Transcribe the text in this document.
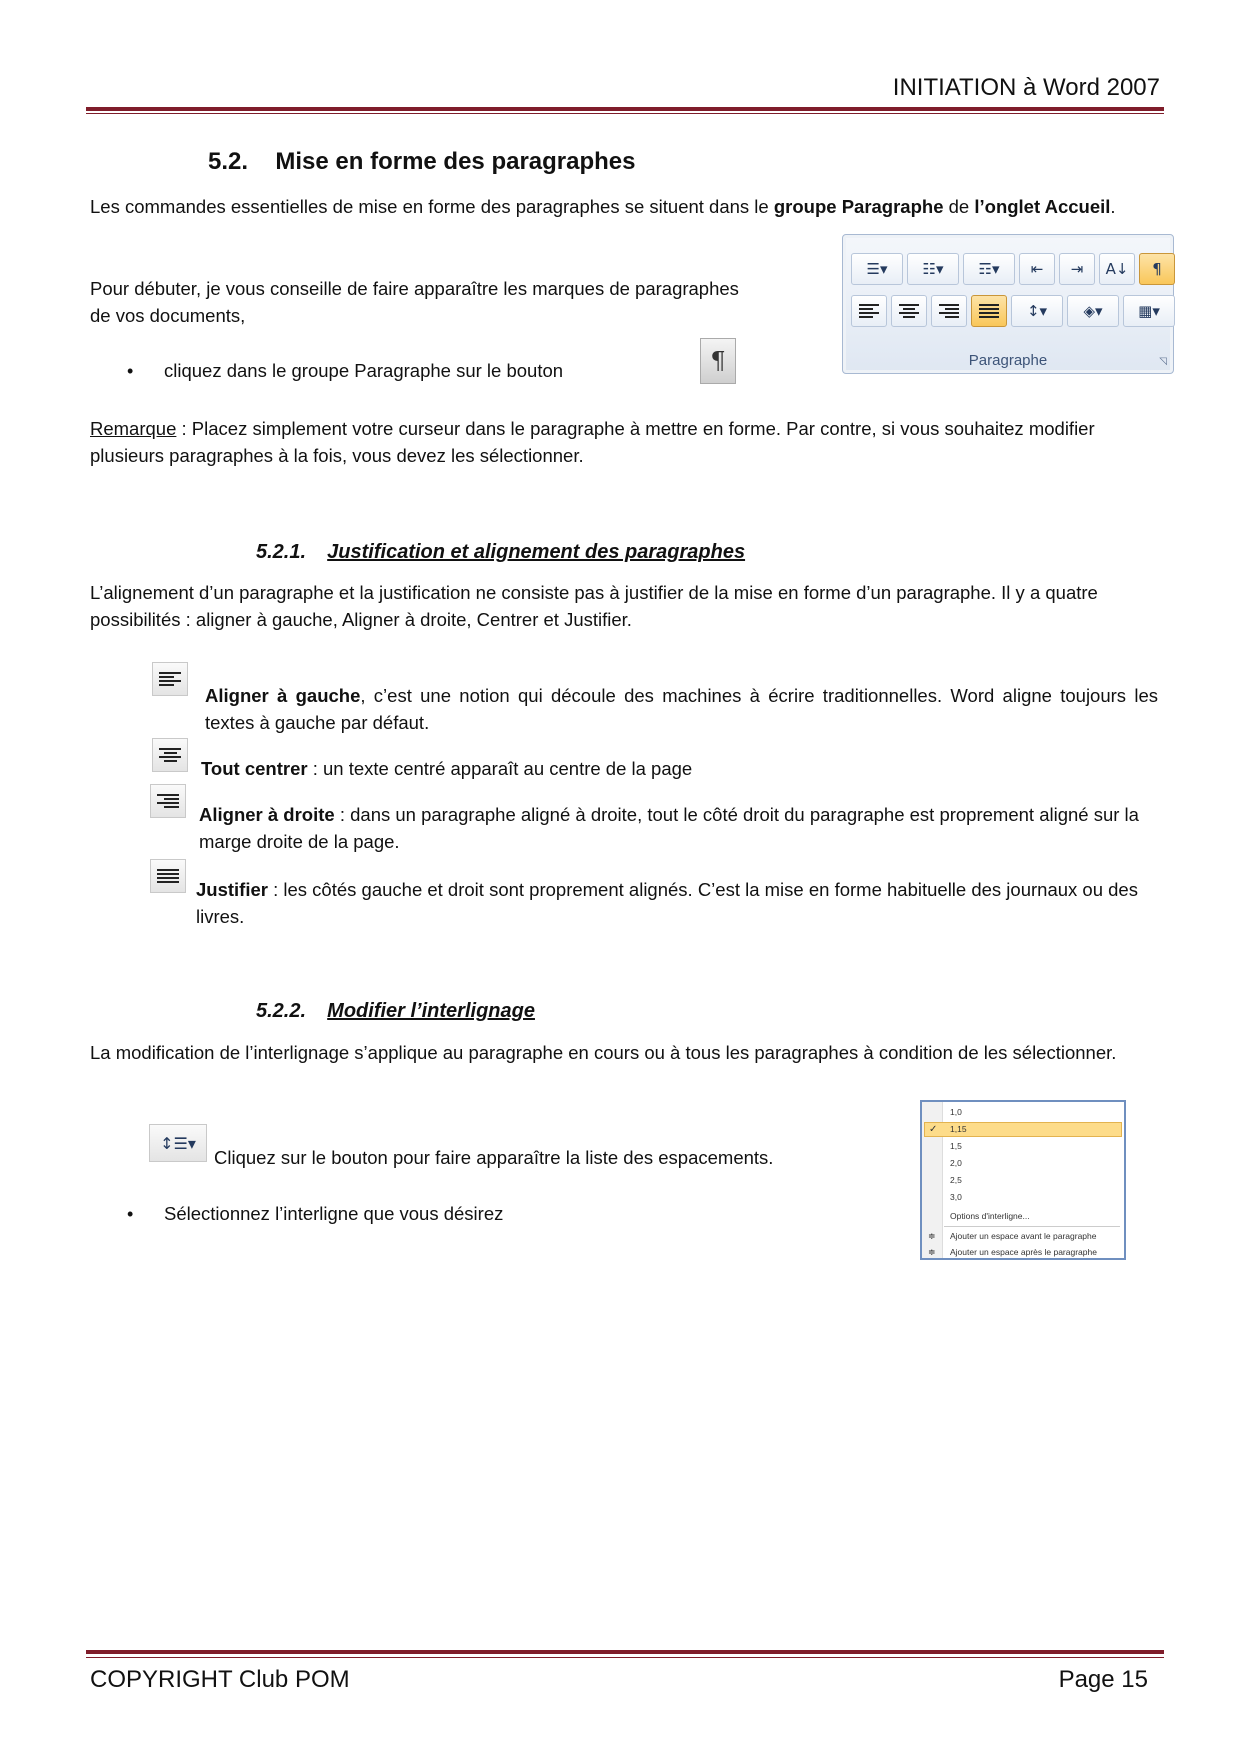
INITIATION à Word 2007
5.2. Mise en forme des paragraphes
Les commandes essentielles de mise en forme des paragraphes se situent dans le groupe Paragraphe de l’onglet Accueil.
Pour débuter, je vous conseille de faire apparaître les marques de paragraphes de vos documents,
• cliquez dans le groupe Paragraphe sur le bouton	¶
☰▾	☷▾	☶▾	⇤	⇥	A↓	¶
↕▾	◈▾	▦▾
Paragraphe	◹
Remarque : Placez simplement votre curseur dans le paragraphe à mettre en forme. Par contre, si vous souhaitez modifier plusieurs paragraphes à la fois, vous devez les sélectionner.
5.2.1. Justification et alignement des paragraphes
L’alignement d’un paragraphe et la justification ne consiste pas à justifier de la mise en forme d’un paragraphe. Il y a quatre possibilités : aligner à gauche, Aligner à droite, Centrer et Justifier.
Aligner à gauche, c’est une notion qui découle des machines à écrire traditionnelles. Word aligne toujours les textes à gauche par défaut.
Tout centrer : un texte centré apparaît au centre de la page
Aligner à droite : dans un paragraphe aligné à droite, tout le côté droit du paragraphe est proprement aligné sur la marge droite de la page.
Justifier : les côtés gauche et droit sont proprement alignés. C’est la mise en forme habituelle des journaux ou des livres.
5.2.2. Modifier l’interlignage
La modification de l’interlignage s’applique au paragraphe en cours ou à tous les paragraphes à condition de les sélectionner.
↕☰▾
Cliquez sur le bouton pour faire apparaître la liste des espacements.
• Sélectionnez l’interligne que vous désirez
1,0
✓ 1,15
1,5
2,0
2,5
3,0
Options d'interligne...
≑ Ajouter un espace avant le paragraphe
≑ Ajouter un espace après le paragraphe
COPYRIGHT Club POM	Page 15
